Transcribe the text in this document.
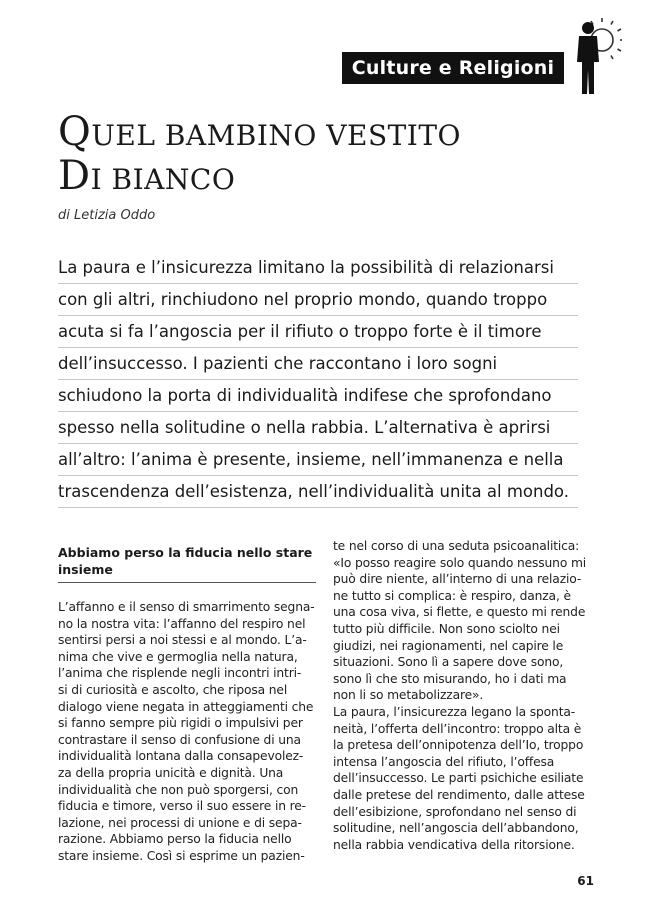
Culture e Religioni
QUEL BAMBINO VESTITO
DI BIANCO

di Letizia Oddo

La paura e l’insicurezza limitano la possibilità di relazionarsi
con gli altri, rinchiudono nel proprio mondo, quando troppo
acuta si fa l’angoscia per il rifiuto o troppo forte è il timore
dell’insuccesso. I pazienti che raccontano i loro sogni
schiudono la porta di individualità indifese che sprofondano
spesso nella solitudine o nella rabbia. L’alternativa è aprirsi
all’altro: l’anima è presente, insieme, nell’immanenza e nella
trascendenza dell’esistenza, nell’individualità unita al mondo.
Abbiamo perso la fiducia nello stare
insieme
L’affanno e il senso di smarrimento segna-
no la nostra vita: l’affanno del respiro nel
sentirsi persi a noi stessi e al mondo. L’a-
nima che vive e germoglia nella natura,
l’anima che risplende negli incontri intri-
si di curiosità e ascolto, che riposa nel
dialogo viene negata in atteggiamenti che
si fanno sempre più rigidi o impulsivi per
contrastare il senso di confusione di una
individualità lontana dalla consapevolez-
za della propria unicità e dignità. Una
individualità che non può sporgersi, con
fiducia e timore, verso il suo essere in re-
lazione, nei processi di unione e di sepa-
razione. Abbiamo perso la fiducia nello
stare insieme. Così si esprime un pazien-
te nel corso di una seduta psicoanalitica:
«Io posso reagire solo quando nessuno mi
può dire niente, all’interno di una relazio-
ne tutto si complica: è respiro, danza, è
una cosa viva, si flette, e questo mi rende
tutto più difficile. Non sono sciolto nei
giudizi, nei ragionamenti, nel capire le
situazioni. Sono lì a sapere dove sono,
sono lì che sto misurando, ho i dati ma
non li so metabolizzare».
La paura, l’insicurezza legano la sponta-
neità, l’offerta dell’incontro: troppo alta è
la pretesa dell’onnipotenza dell’Io, troppo
intensa l’angoscia del rifiuto, l’offesa
dell’insuccesso. Le parti psichiche esiliate
dalle pretese del rendimento, dalle attese
dell’esibizione, sprofondano nel senso di
solitudine, nell’angoscia dell’abbandono,
nella rabbia vendicativa della ritorsione.
61
